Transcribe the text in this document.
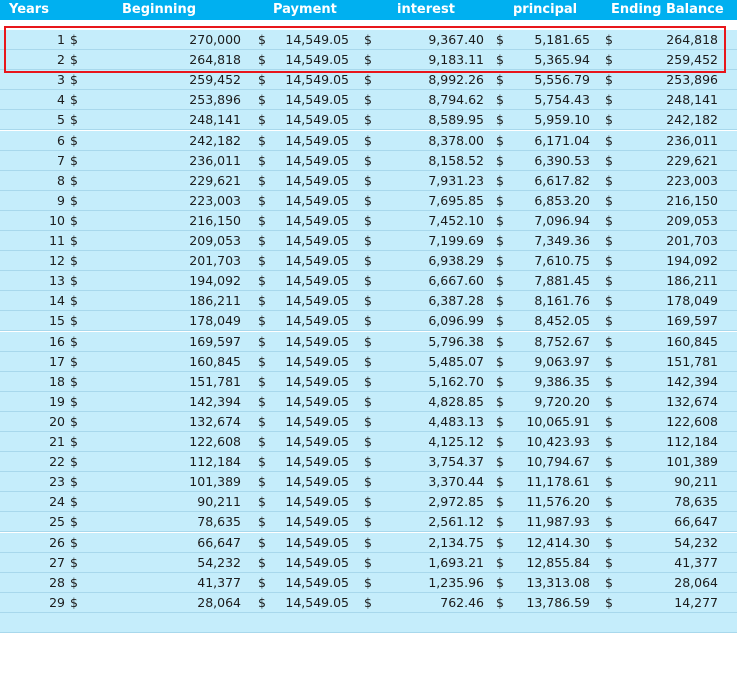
Years	Beginning	Payment	interest	principal	Ending Balance
1 $	270,000 $	14,549.05 $	9,367.40 $	5,181.65 $	264,818
2 $	264,818 $	14,549.05 $	9,183.11 $	5,365.94 $	259,452
3 $	259,452 $	14,549.05 $	8,992.26 $	5,556.79 $	253,896
4 $	253,896 $	14,549.05 $	8,794.62 $	5,754.43 $	248,141
5 $	248,141 $	14,549.05 $	8,589.95 $	5,959.10 $	242,182
6 $	242,182 $	14,549.05 $	8,378.00 $	6,171.04 $	236,011
7 $	236,011 $	14,549.05 $	8,158.52 $	6,390.53 $	229,621
8 $	229,621 $	14,549.05 $	7,931.23 $	6,617.82 $	223,003
9 $	223,003 $	14,549.05 $	7,695.85 $	6,853.20 $	216,150
10 $	216,150 $	14,549.05 $	7,452.10 $	7,096.94 $	209,053
11 $	209,053 $	14,549.05 $	7,199.69 $	7,349.36 $	201,703
12 $	201,703 $	14,549.05 $	6,938.29 $	7,610.75 $	194,092
13 $	194,092 $	14,549.05 $	6,667.60 $	7,881.45 $	186,211
14 $	186,211 $	14,549.05 $	6,387.28 $	8,161.76 $	178,049
15 $	178,049 $	14,549.05 $	6,096.99 $	8,452.05 $	169,597
16 $	169,597 $	14,549.05 $	5,796.38 $	8,752.67 $	160,845
17 $	160,845 $	14,549.05 $	5,485.07 $	9,063.97 $	151,781
18 $	151,781 $	14,549.05 $	5,162.70 $	9,386.35 $	142,394
19 $	142,394 $	14,549.05 $	4,828.85 $	9,720.20 $	132,674
20 $	132,674 $	14,549.05 $	4,483.13 $	10,065.91 $	122,608
21 $	122,608 $	14,549.05 $	4,125.12 $	10,423.93 $	112,184
22 $	112,184 $	14,549.05 $	3,754.37 $	10,794.67 $	101,389
23 $	101,389 $	14,549.05 $	3,370.44 $	11,178.61 $	90,211
24 $	90,211 $	14,549.05 $	2,972.85 $	11,576.20 $	78,635
25 $	78,635 $	14,549.05 $	2,561.12 $	11,987.93 $	66,647
26 $	66,647 $	14,549.05 $	2,134.75 $	12,414.30 $	54,232
27 $	54,232 $	14,549.05 $	1,693.21 $	12,855.84 $	41,377
28 $	41,377 $	14,549.05 $	1,235.96 $	13,313.08 $	28,064
29 $	28,064 $	14,549.05 $	762.46 $	13,786.59 $	14,277
